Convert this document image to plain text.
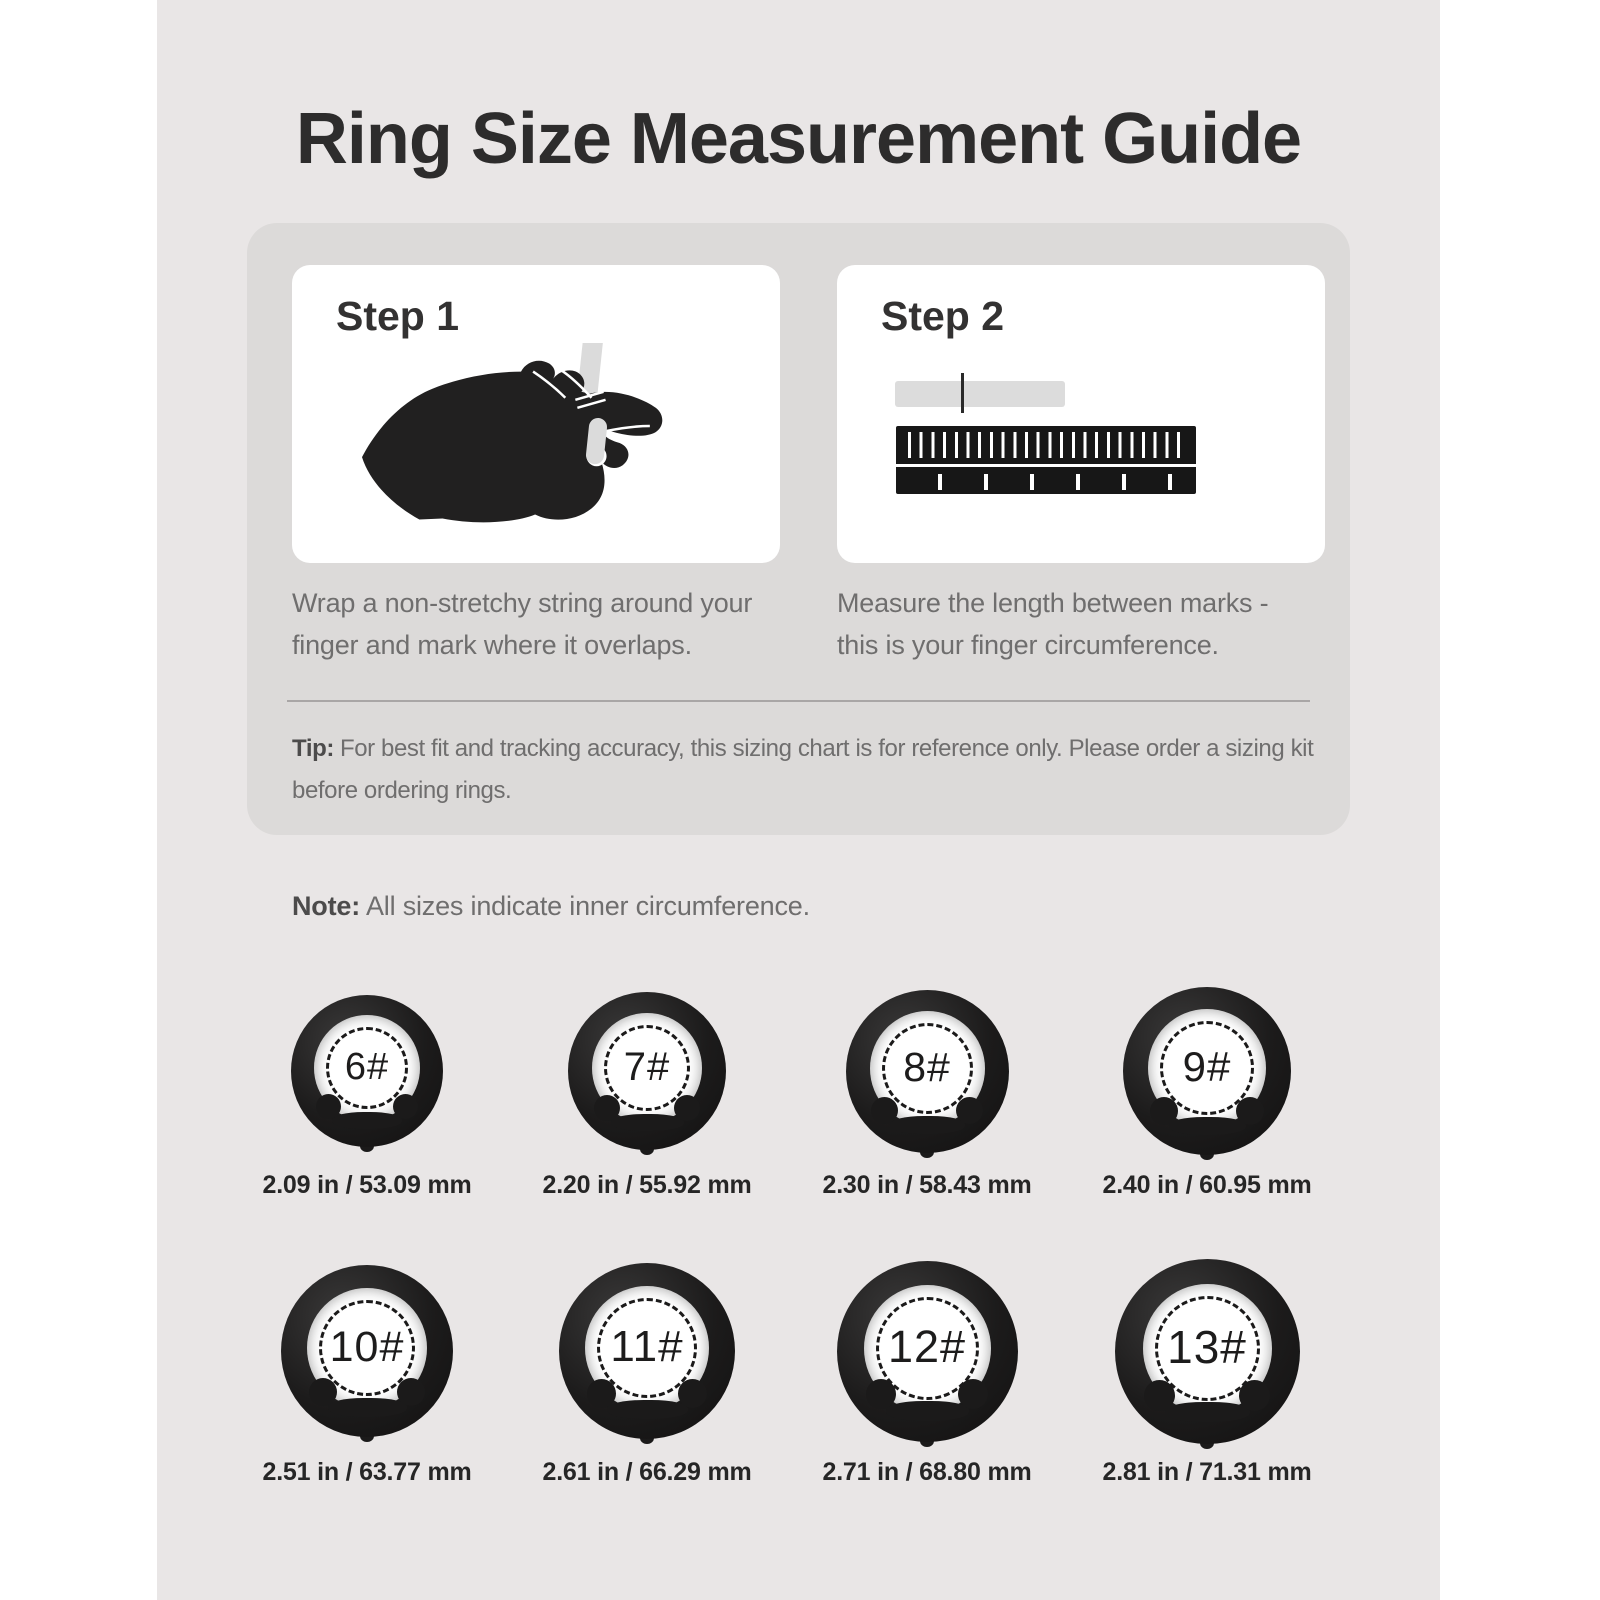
Ring Size Measurement Guide
Step 1	Step 2
Wrap a non-stretchy string around your finger and mark where it overlaps.
Measure the length between marks - this is your finger circumference.
Tip: For best fit and tracking accuracy, this sizing chart is for reference only. Please order a sizing kit before ordering rings.
Note: All sizes indicate inner circumference.
6#
2.09 in / 53.09 mm
7#
2.20 in / 55.92 mm
8#
2.30 in / 58.43 mm
9#
2.40 in / 60.95 mm
10#
2.51 in / 63.77 mm
11#
2.61 in / 66.29 mm
12#
2.71 in / 68.80 mm
13#
2.81 in / 71.31 mm
